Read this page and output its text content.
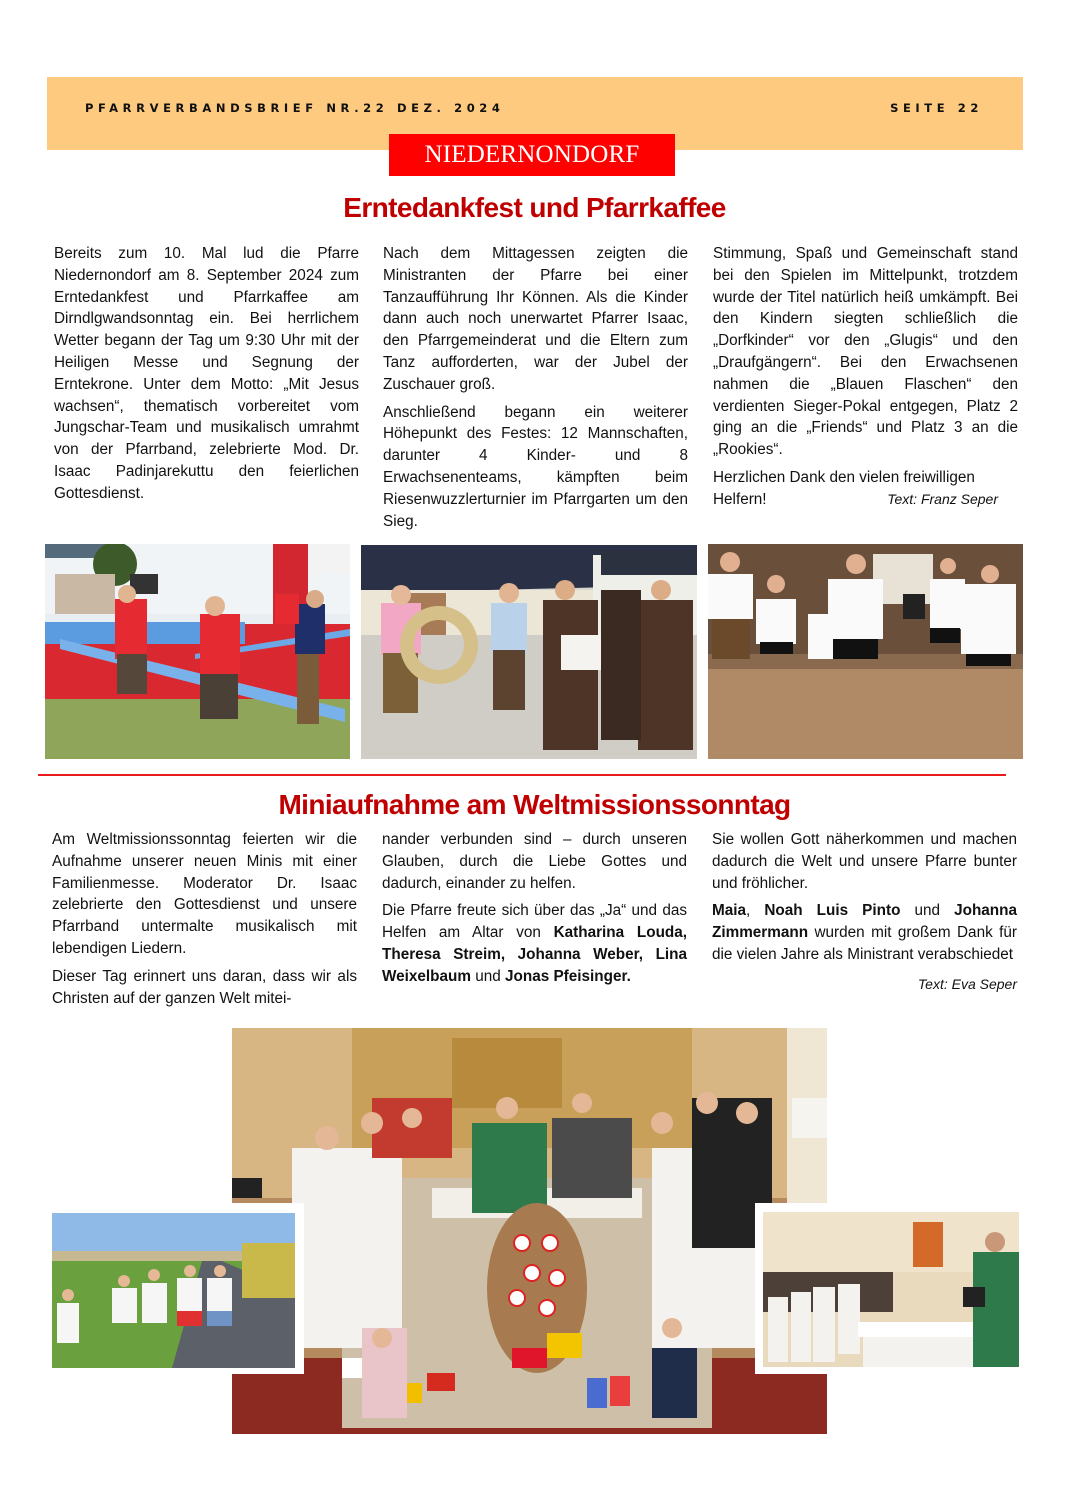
PFARRVERBANDSBRIEF NR.22 DEZ. 2024	SEITE 22
NIEDERNONDORF
Erntedankfest und Pfarrkaffee

Bereits zum 10. Mal lud die Pfarre Niedernondorf am 8. September 2024 zum Erntedankfest und Pfarrkaffee am Dirndlgwandsonntag ein. Bei herrlichem Wetter begann der Tag um 9:30 Uhr mit der Heiligen Messe und Segnung der Erntekrone. Unter dem Motto: „Mit Jesus wachsen“, thematisch vorbereitet vom Jungschar-Team und musikalisch umrahmt von der Pfarrband, zelebrierte Mod. Dr. Isaac Padinjarekuttu den feierlichen Gottesdienst.

Nach dem Mittagessen zeigten die Ministranten der Pfarre bei einer Tanzaufführung Ihr Können. Als die Kinder dann auch noch unerwartet Pfarrer Isaac, den Pfarrgemeinderat und die Eltern zum Tanz aufforderten, war der Jubel der Zuschauer groß.

Anschließend begann ein weiterer Höhepunkt des Festes: 12 Mannschaften, darunter 4 Kinder- und 8 Erwachsenenteams, kämpften beim Riesenwuzzlerturnier im Pfarrgarten um den Sieg.

Stimmung, Spaß und Gemeinschaft stand bei den Spielen im Mittelpunkt, trotzdem wurde der Titel natürlich heiß umkämpft. Bei den Kindern siegten schließlich die „Dorfkinder“ vor den „Glugis“ und den „Draufgängern“. Bei den Erwachsenen nahmen die „Blauen Flaschen“ den verdienten Sieger-Pokal entgegen, Platz 2 ging an die „Friends“ und Platz 3 an die „Rookies“.

Herzlichen Dank den vielen freiwilligen Helfern!	Text: Franz Seper

Miniaufnahme am Weltmissionssonntag

Am Weltmissionssonntag feierten wir die Aufnahme unserer neuen Minis mit einer Familienmesse. Moderator Dr. Isaac zelebrierte den Gottesdienst und unsere Pfarrband untermalte musikalisch mit lebendigen Liedern.

Dieser Tag erinnert uns daran, dass wir als Christen auf der ganzen Welt mitei-

nander verbunden sind – durch unseren Glauben, durch die Liebe Gottes und dadurch, einander zu helfen.

Die Pfarre freute sich über das „Ja“ und das Helfen am Altar von Katharina Louda, Theresa Streim, Johanna Weber, Lina Weixelbaum und Jonas Pfeisinger.

Sie wollen Gott näherkommen und machen dadurch die Welt und unsere Pfarre bunter und fröhlicher.

Maia, Noah Luis Pinto und Johanna Zimmermann wurden mit großem Dank für die vielen Jahre als Ministrant verabschiedet

Text: Eva Seper
